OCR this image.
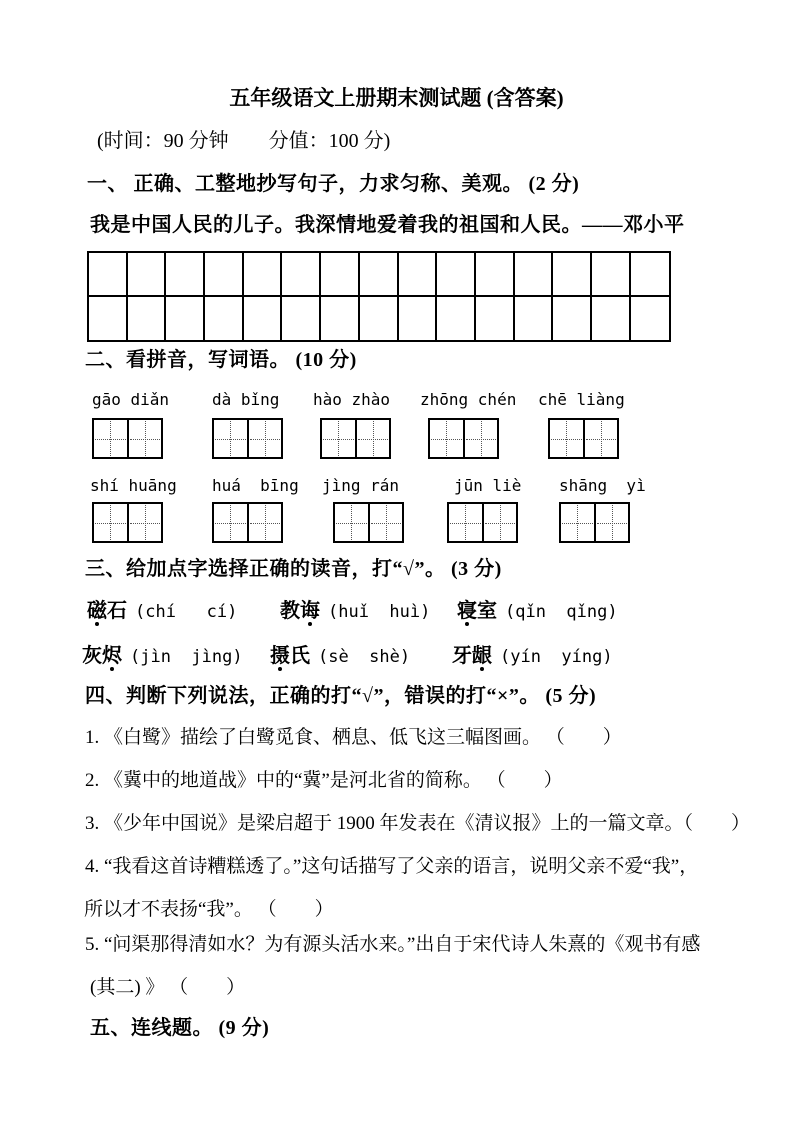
五年级语文上册期末测试题 (含答案)
(时间：90 分钟　　分值：100 分)
一、 正确、工整地抄写句子，力求匀称、美观。 (2 分)
我是中国人民的儿子。我深情地爱着我的祖国和人民。——邓小平
二、看拼音，写词语。 (10 分)
gāo diǎn	dà bǐng hào zhào zhōng chén chē liàng
shí huāng huá  bīng jìng rán	jūn liè shāng  yì
三、给加点字选择正确的读音，打“√”。 (3 分)
磁石 (chí   cí) 教诲 (huǐ  huì) 寝室 (qǐn  qǐng)
灰烬 (jìn  jìng) 摄氏 (sè  shè) 牙龈 (yín  yíng)
四、判断下列说法，正确的打“√”，错误的打“×”。 (5 分)
1. 《白鹭》描绘了白鹭觅食、栖息、低飞这三幅图画。 （　　）
2. 《冀中的地道战》中的“冀”是河北省的简称。 （　　）
3. 《少年中国说》是梁启超于 1900 年发表在《清议报》上的一篇文章。（　　）
4. “我看这首诗糟糕透了。”这句话描写了父亲的语言，说明父亲不爱“我”，
所以才不表扬“我”。 （　　）
5. “问渠那得清如水？为有源头活水来。”出自于宋代诗人朱熹的《观书有感
(其二) 》 （　　）
五、连线题。 (9 分)
